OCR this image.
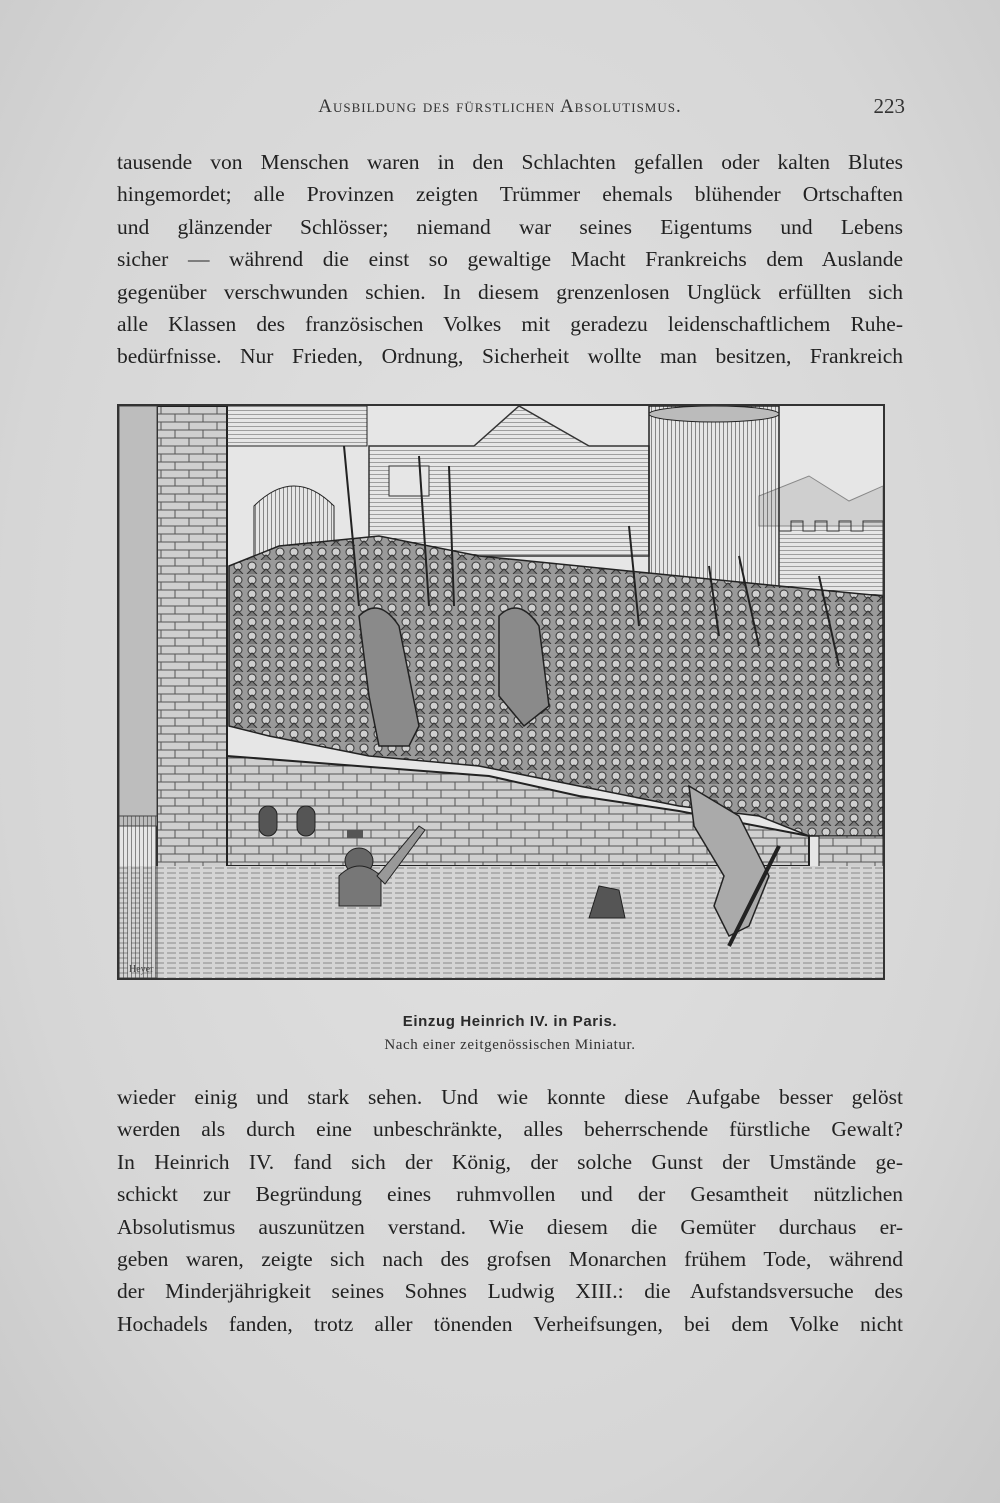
Ausbildung des fürstlichen Absolutismus.	223
tausende von Menschen waren in den Schlachten gefallen oder kalten Blutes
hingemordet; alle Provinzen zeigten Trümmer ehemals blühender Ortschaften
und glänzender Schlösser; niemand war seines Eigentums und Lebens
sicher — während die einst so gewaltige Macht Frankreichs dem Auslande
gegenüber verschwunden schien. In diesem grenzenlosen Unglück erfüllten sich
alle Klassen des französischen Volkes mit geradezu leidenschaftlichem Ruhe-
bedürfnisse. Nur Frieden, Ordnung, Sicherheit wollte man besitzen, Frankreich
Heyer
Einzug Heinrich IV. in Paris.
Nach einer zeitgenössischen Miniatur.
wieder einig und stark sehen. Und wie konnte diese Aufgabe besser gelöst
werden als durch eine unbeschränkte, alles beherrschende fürstliche Gewalt?
In Heinrich IV. fand sich der König, der solche Gunst der Umstände ge-
schickt zur Begründung eines ruhmvollen und der Gesamtheit nützlichen
Absolutismus auszunützen verstand. Wie diesem die Gemüter durchaus er-
geben waren, zeigte sich nach des grofsen Monarchen frühem Tode, während
der Minderjährigkeit seines Sohnes Ludwig XIII.: die Aufstandsversuche des
Hochadels fanden, trotz aller tönenden Verheifsungen, bei dem Volke nicht
